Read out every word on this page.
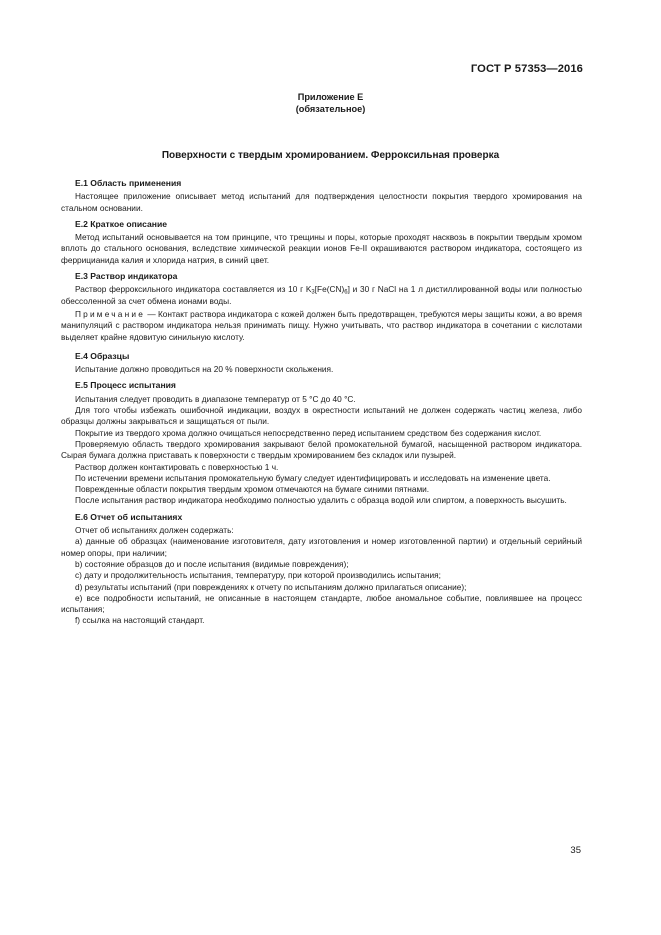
ГОСТ Р 57353—2016
Приложение Е
(обязательное)
Поверхности с твердым хромированием. Ферроксильная проверка
Е.1 Область применения

Настоящее приложение описывает метод испытаний для подтверждения целостности покрытия твердого хромирования на стальном основании.

Е.2 Краткое описание

Метод испытаний основывается на том принципе, что трещины и поры, которые проходят насквозь в покрытии твердым хромом вплоть до стального основания, вследствие химической реакции ионов Fe-II окрашиваются раствором индикатора, состоящего из феррицианида калия и хлорида натрия, в синий цвет.

Е.3 Раствор индикатора

Раствор ферроксильного индикатора составляется из 10 г $K_3[Fe(CN)_6]$ и 30 г NaCl на 1 л дистиллированной воды или полностью обессоленной за счет обмена ионами воды.

Примечание — Контакт раствора индикатора с кожей должен быть предотвращен, требуются меры защиты кожи, а во время манипуляций с раствором индикатора нельзя принимать пищу. Нужно учитывать, что раствор индикатора в сочетании с кислотами выделяет крайне ядовитую синильную кислоту.

Е.4 Образцы

Испытание должно проводиться на 20 % поверхности скольжения.

Е.5 Процесс испытания

Испытания следует проводить в диапазоне температур от 5 °С до 40 °С.

Для того чтобы избежать ошибочной индикации, воздух в окрестности испытаний не должен содержать частиц железа, либо образцы должны закрываться и защищаться от пыли.

Покрытие из твердого хрома должно очищаться непосредственно перед испытанием средством без содержания кислот.

Проверяемую область твердого хромирования закрывают белой промокательной бумагой, насыщенной раствором индикатора. Сырая бумага должна приставать к поверхности с твердым хромированием без складок или пузырей.

Раствор должен контактировать с поверхностью 1 ч.

По истечении времени испытания промокательную бумагу следует идентифицировать и исследовать на изменение цвета.

Поврежденные области покрытия твердым хромом отмечаются на бумаге синими пятнами.

После испытания раствор индикатора необходимо полностью удалить с образца водой или спиртом, а поверхность высушить.

Е.6 Отчет об испытаниях

Отчет об испытаниях должен содержать:

a) данные об образцах (наименование изготовителя, дату изготовления и номер изготовленной партии) и отдельный серийный номер опоры, при наличии;

b) состояние образцов до и после испытания (видимые повреждения);

c) дату и продолжительность испытания, температуру, при которой производились испытания;

d) результаты испытаний (при повреждениях к отчету по испытаниям должно прилагаться описание);

e) все подробности испытаний, не описанные в настоящем стандарте, любое аномальное событие, повлиявшее на процесс испытания;

f) ссылка на настоящий стандарт.

35
